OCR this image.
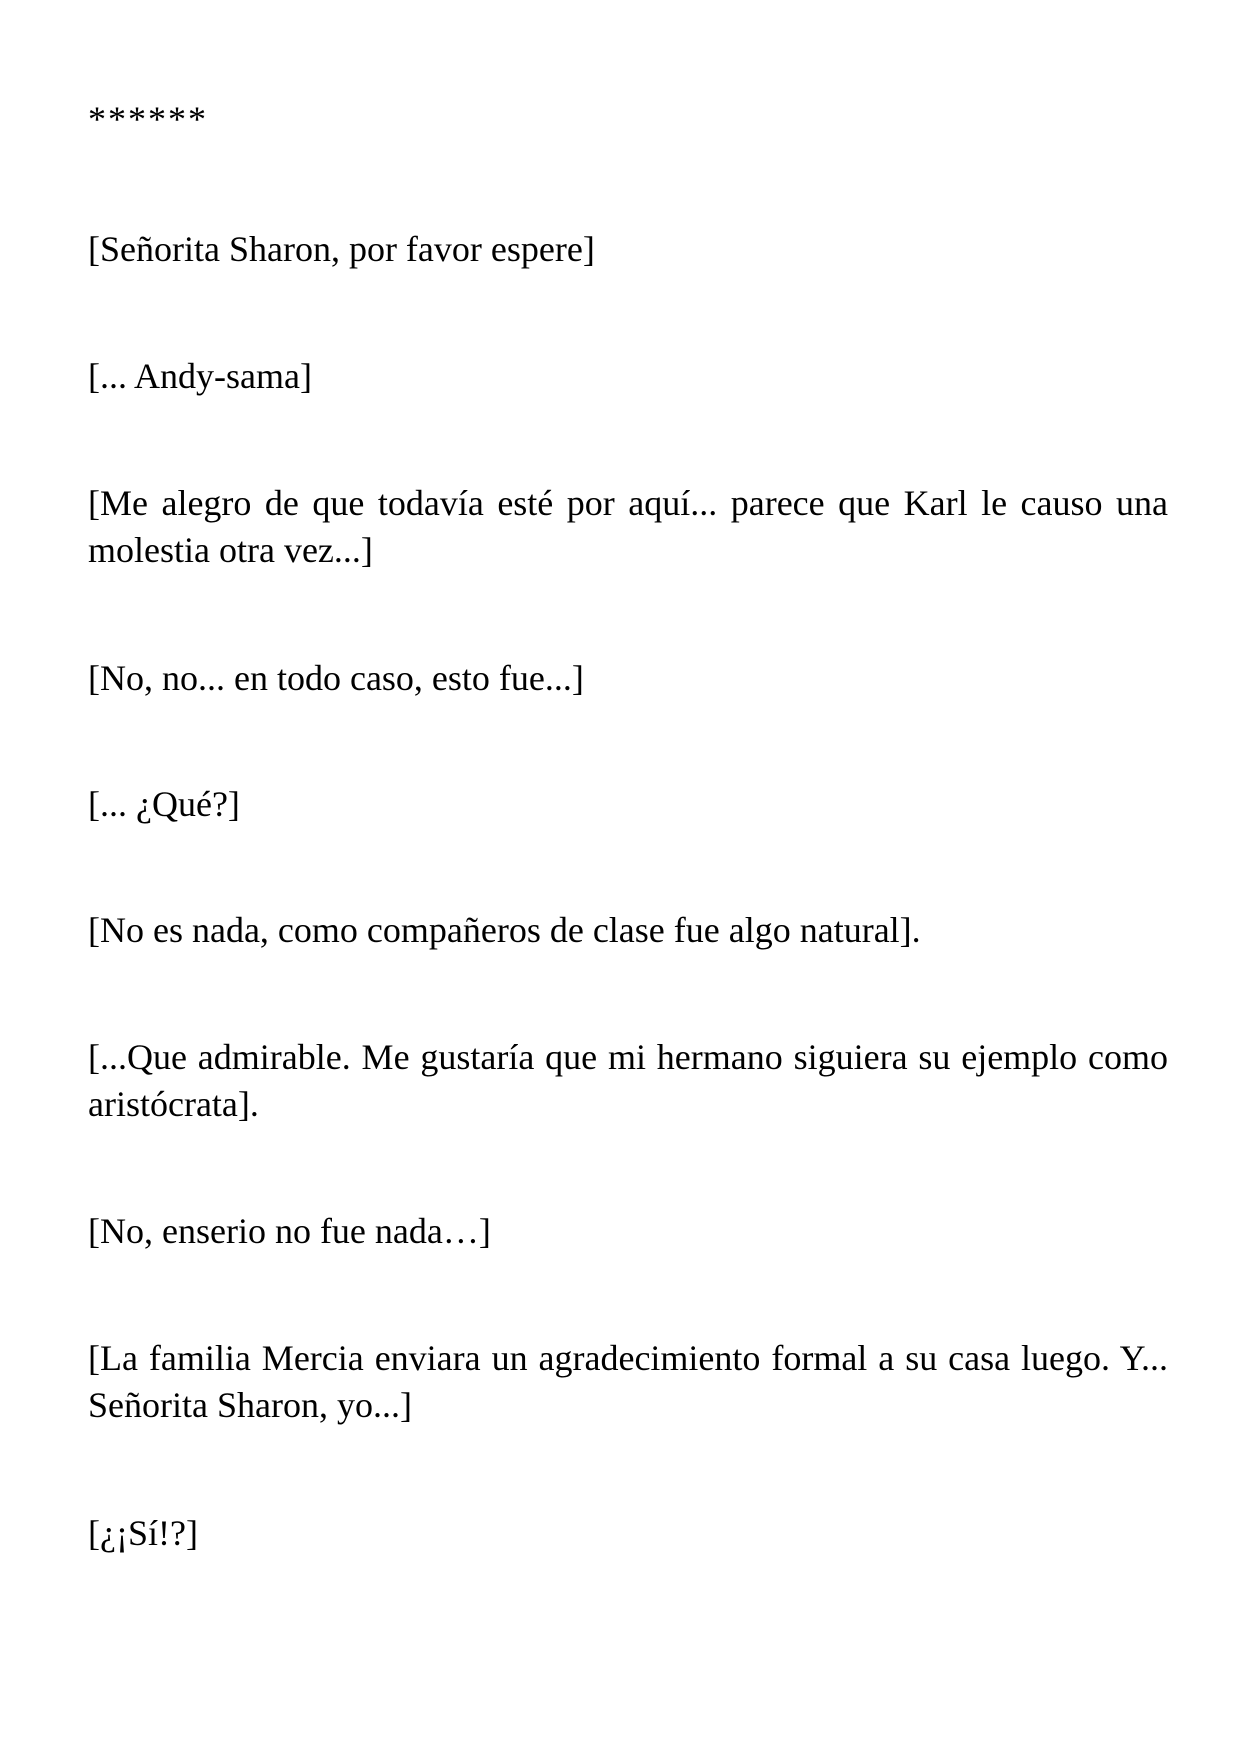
******

[Señorita Sharon, por favor espere]

[... Andy-sama]

[Me alegro de que todavía esté por aquí... parece que Karl le causo una molestia otra vez...]

[No, no... en todo caso, esto fue...]

[... ¿Qué?]

[No es nada, como compañeros de clase fue algo natural].

[...Que admirable. Me gustaría que mi hermano siguiera su ejemplo como aristócrata].

[No, enserio no fue nada…]

[La familia Mercia enviara un agradecimiento formal a su casa luego. Y... Señorita Sharon, yo...]

[¿¡Sí!?]
